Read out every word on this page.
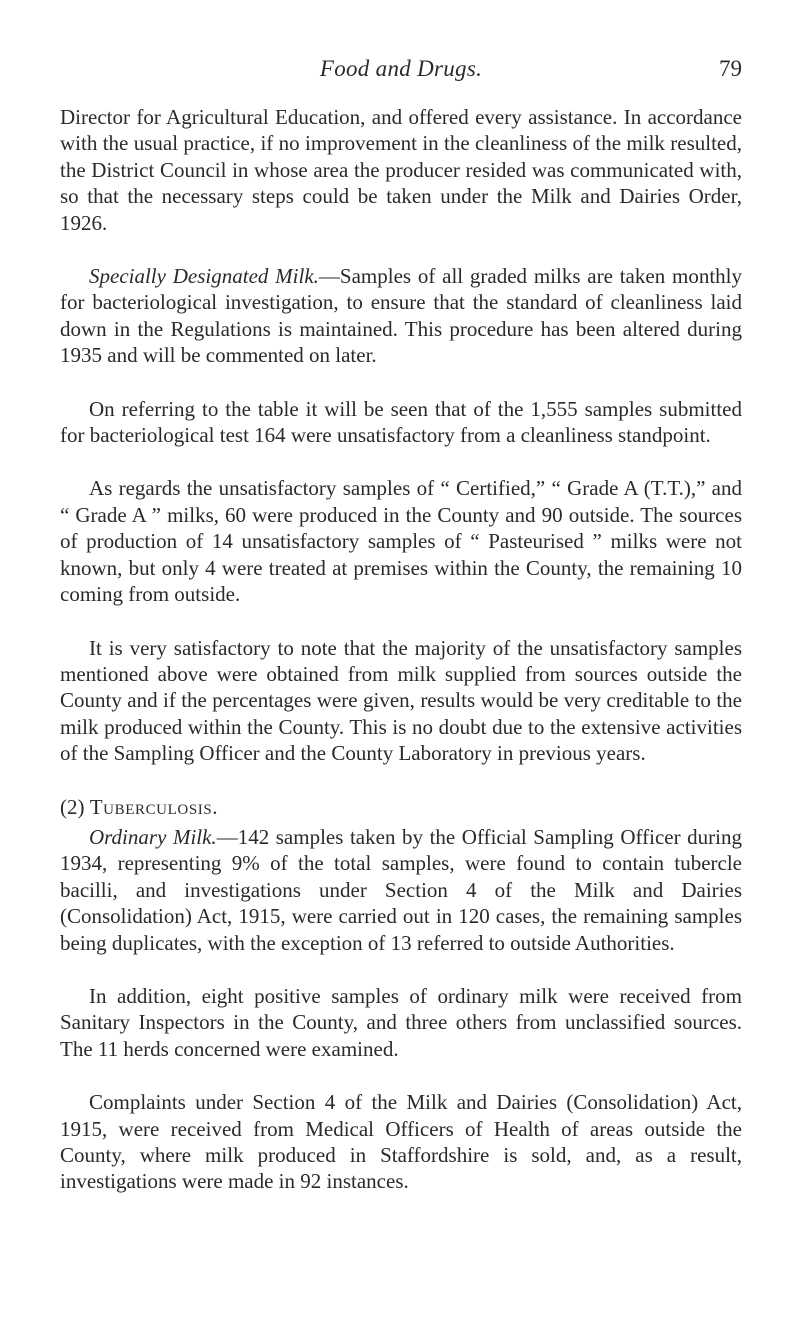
Food and Drugs.	79

Director for Agricultural Education, and offered every assistance. In accordance with the usual practice, if no improvement in the cleanliness of the milk resulted, the District Council in whose area the producer resided was communicated with, so that the necessary steps could be taken under the Milk and Dairies Order, 1926.

Specially Designated Milk.—Samples of all graded milks are taken monthly for bacteriological investigation, to ensure that the standard of cleanliness laid down in the Regulations is maintained. This procedure has been altered during 1935 and will be commented on later.

On referring to the table it will be seen that of the 1,555 samples submitted for bacteriological test 164 were unsatisfactory from a cleanliness standpoint.

As regards the unsatisfactory samples of “ Certified,” “ Grade A (T.T.),” and “ Grade A ” milks, 60 were produced in the County and 90 outside. The sources of production of 14 unsatisfactory samples of “ Pasteurised ” milks were not known, but only 4 were treated at premises within the County, the remaining 10 coming from outside.

It is very satisfactory to note that the majority of the unsatisfactory samples mentioned above were obtained from milk supplied from sources outside the County and if the percentages were given, results would be very creditable to the milk produced within the County. This is no doubt due to the extensive activities of the Sampling Officer and the County Laboratory in previous years.

(2) Tuberculosis.

Ordinary Milk.—142 samples taken by the Official Sampling Officer during 1934, representing 9% of the total samples, were found to contain tubercle bacilli, and investigations under Section 4 of the Milk and Dairies (Consolidation) Act, 1915, were carried out in 120 cases, the remaining samples being duplicates, with the exception of 13 referred to outside Authorities.

In addition, eight positive samples of ordinary milk were received from Sanitary Inspectors in the County, and three others from unclassified sources. The 11 herds concerned were examined.

Complaints under Section 4 of the Milk and Dairies (Consolidation) Act, 1915, were received from Medical Officers of Health of areas outside the County, where milk produced in Staffordshire is sold, and, as a result, investigations were made in 92 instances.
